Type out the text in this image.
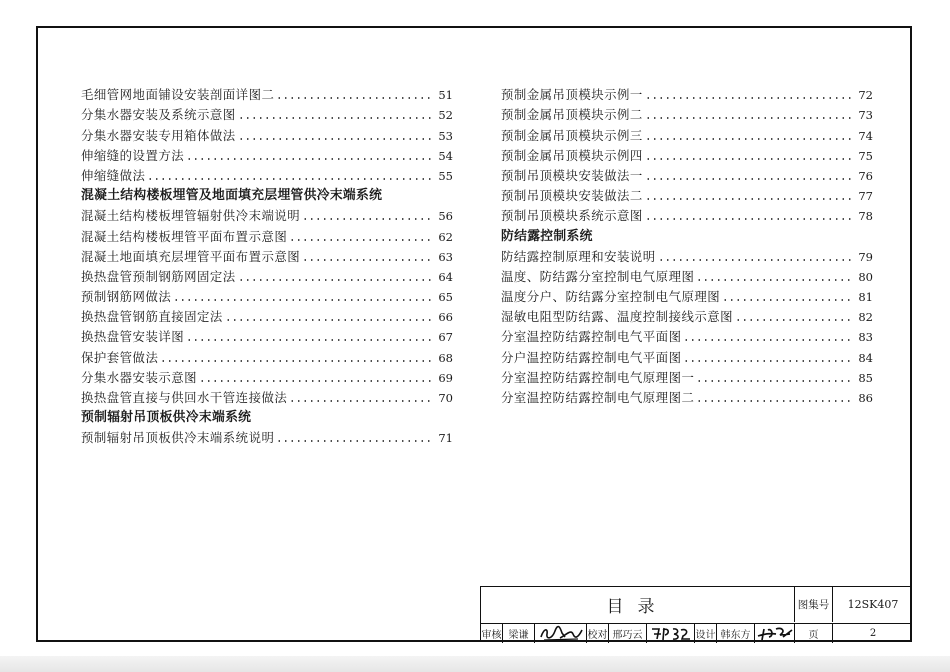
毛细管网地面铺设安装剖面详图二	51
分集水器安装及系统示意图	52
分集水器安装专用箱体做法	53
伸缩缝的设置方法	54
伸缩缝做法	55
混凝土结构楼板埋管及地面填充层埋管供冷末端系统
混凝土结构楼板埋管辐射供冷末端说明	56
混凝土结构楼板埋管平面布置示意图	62
混凝土地面填充层埋管平面布置示意图	63
换热盘管预制钢筋网固定法	64
预制钢筋网做法	65
换热盘管钢筋直接固定法	66
换热盘管安装详图	67
保护套管做法	68
分集水器安装示意图	69
换热盘管直接与供回水干管连接做法	70
预制辐射吊顶板供冷末端系统
预制辐射吊顶板供冷末端系统说明	71
预制金属吊顶模块示例一	72
预制金属吊顶模块示例二	73
预制金属吊顶模块示例三	74
预制金属吊顶模块示例四	75
预制吊顶模块安装做法一	76
预制吊顶模块安装做法二	77
预制吊顶模块系统示意图	78
防结露控制系统
防结露控制原理和安装说明	79
温度、防结露分室控制电气原理图	80
温度分户、防结露分室控制电气原理图	81
湿敏电阻型防结露、温度控制接线示意图	82
分室温控防结露控制电气平面图	83
分户温控防结露控制电气平面图	84
分室温控防结露控制电气原理图一	85
分室温控防结露控制电气原理图二	86
目录	图集号	12SK407
审核 梁谦	校对 邢巧云	设计 韩东方	页	2
